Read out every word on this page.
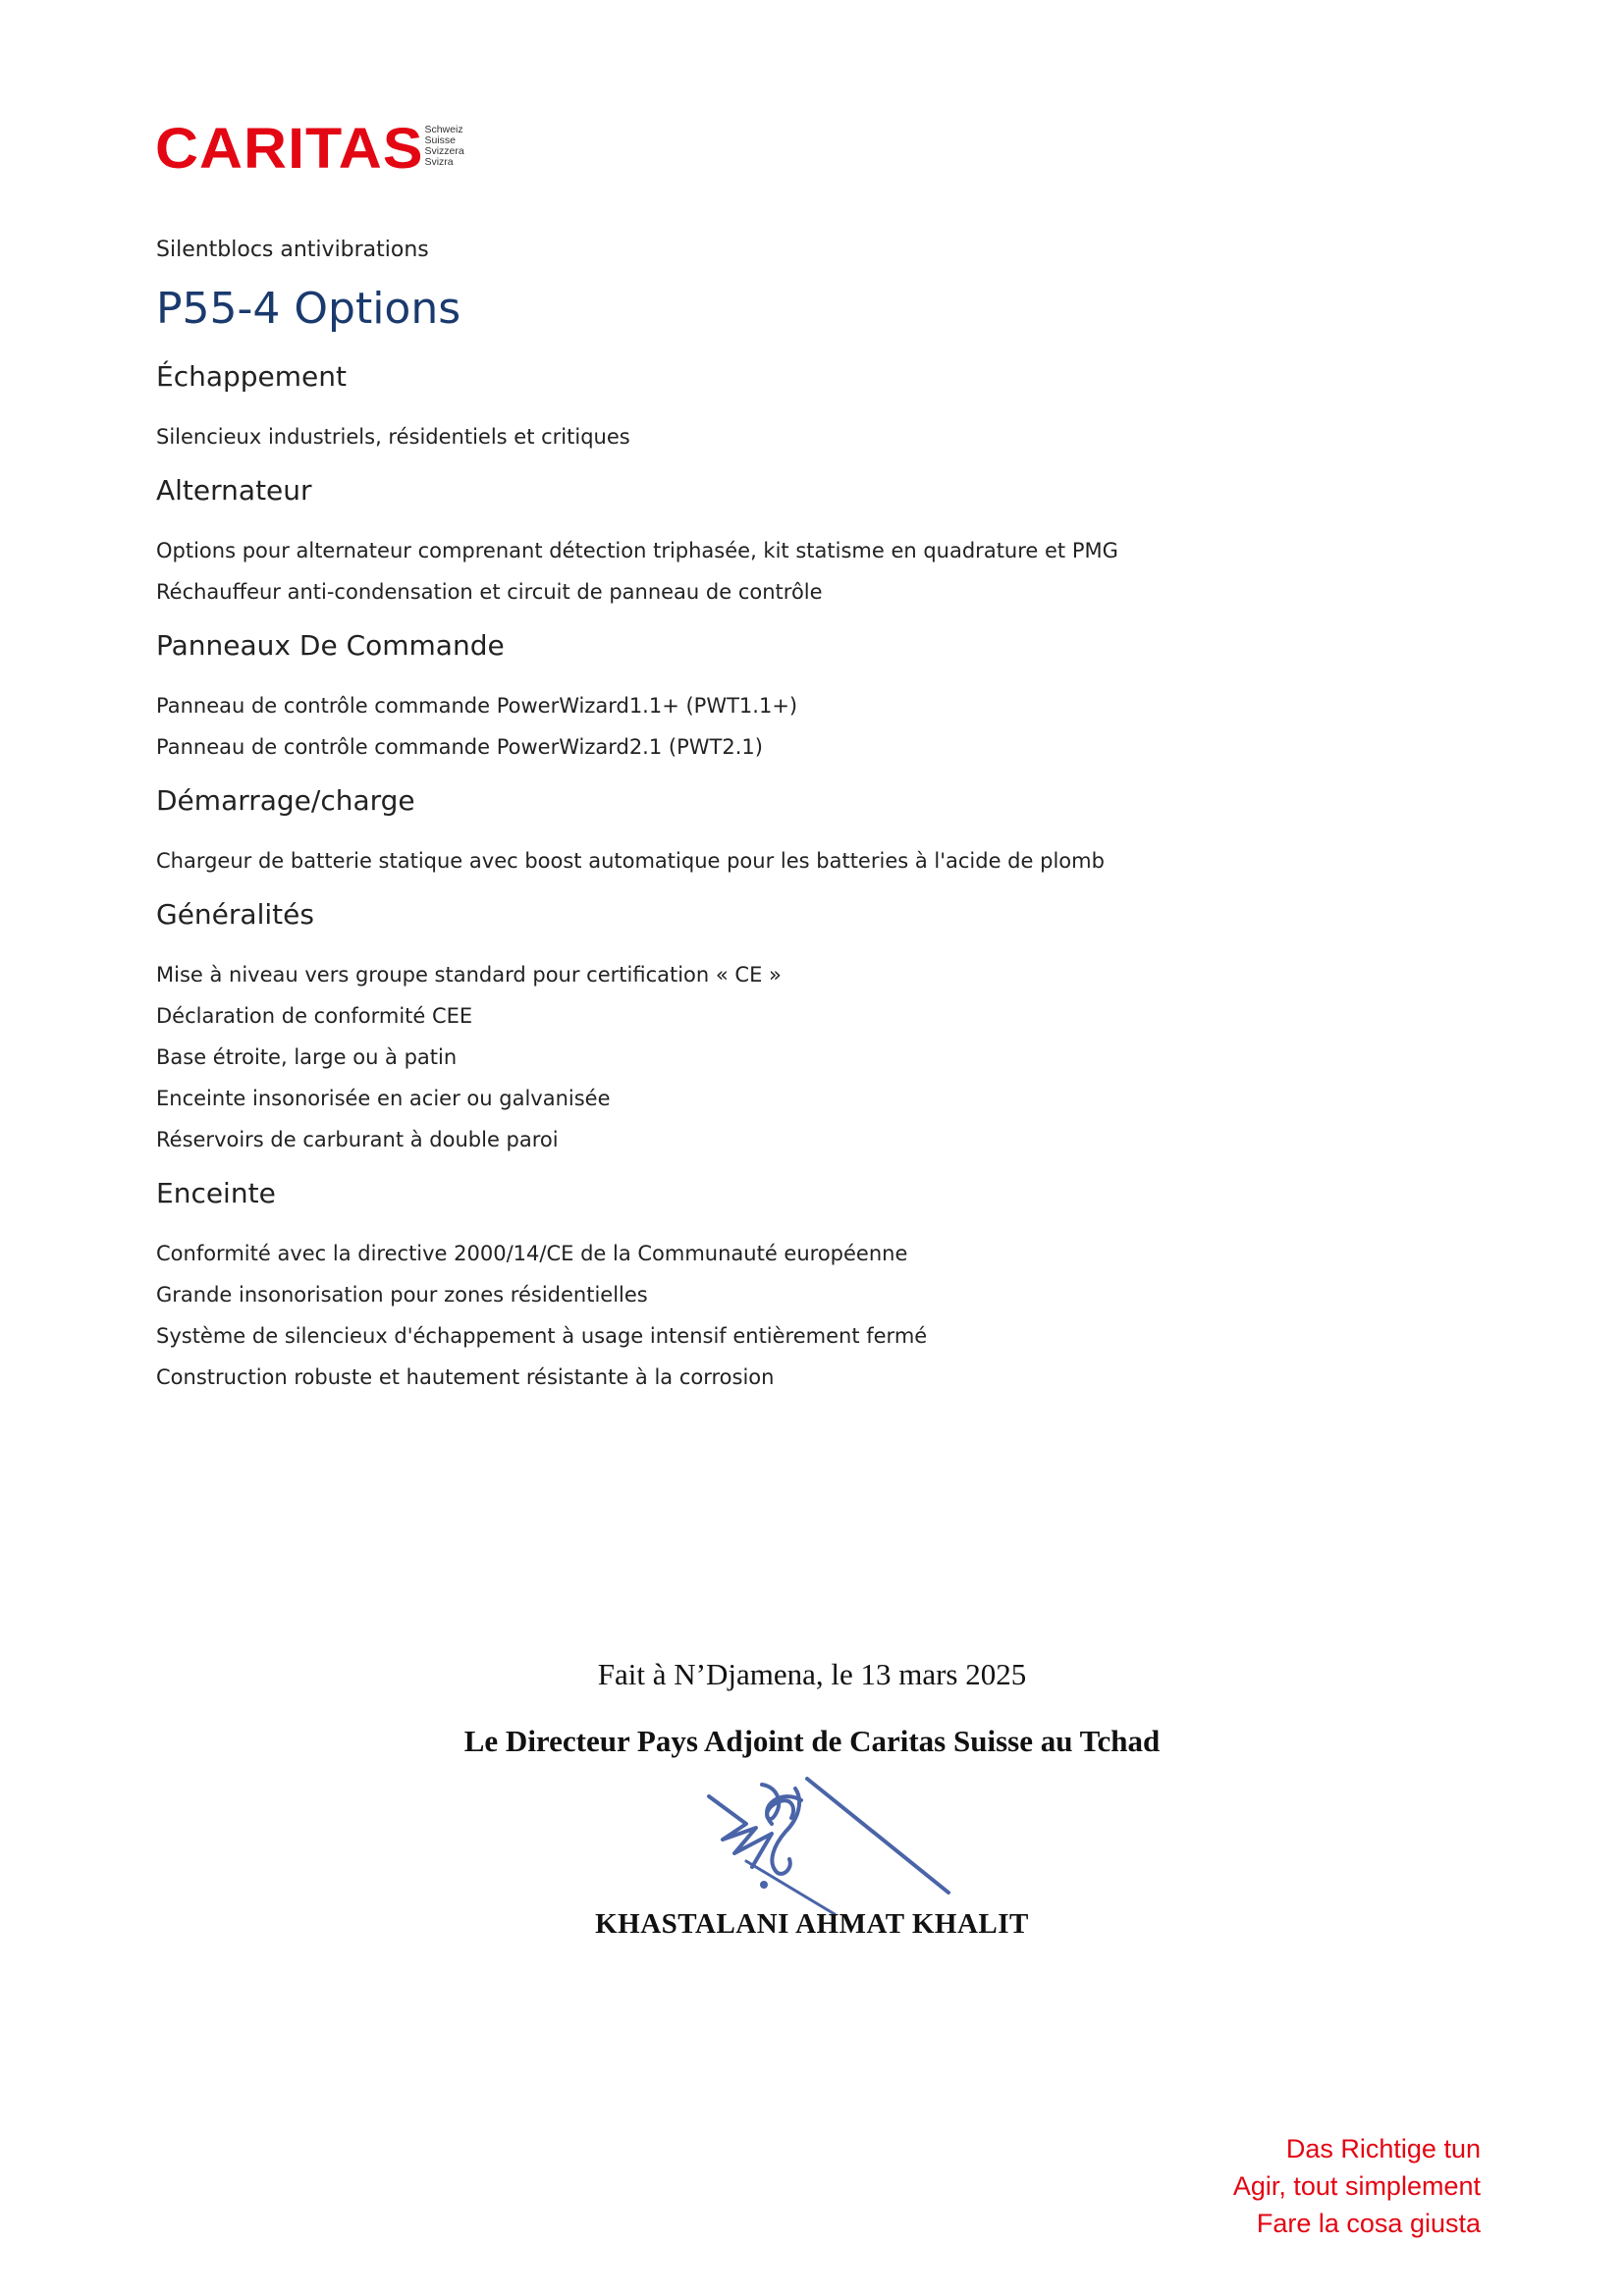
CARITAS Schweiz
Suisse
Svizzera
Svizra
Silentblocs antivibrations
P55-4 Options
Échappement
Silencieux industriels, résidentiels et critiques
Alternateur
Options pour alternateur comprenant détection triphasée, kit statisme en quadrature et PMG
Réchauffeur anti-condensation et circuit de panneau de contrôle
Panneaux De Commande
Panneau de contrôle commande PowerWizard1.1+ (PWT1.1+)
Panneau de contrôle commande PowerWizard2.1 (PWT2.1)
Démarrage/charge
Chargeur de batterie statique avec boost automatique pour les batteries à l'acide de plomb
Généralités
Mise à niveau vers groupe standard pour certification « CE »
Déclaration de conformité CEE
Base étroite, large ou à patin
Enceinte insonorisée en acier ou galvanisée
Réservoirs de carburant à double paroi
Enceinte
Conformité avec la directive 2000/14/CE de la Communauté européenne
Grande insonorisation pour zones résidentielles
Système de silencieux d'échappement à usage intensif entièrement fermé
Construction robuste et hautement résistante à la corrosion
Fait à N’Djamena, le 13 mars 2025
Le Directeur Pays Adjoint de Caritas Suisse au Tchad
KHASTALANI AHMAT KHALIT
Das Richtige tun
Agir, tout simplement
Fare la cosa giusta
